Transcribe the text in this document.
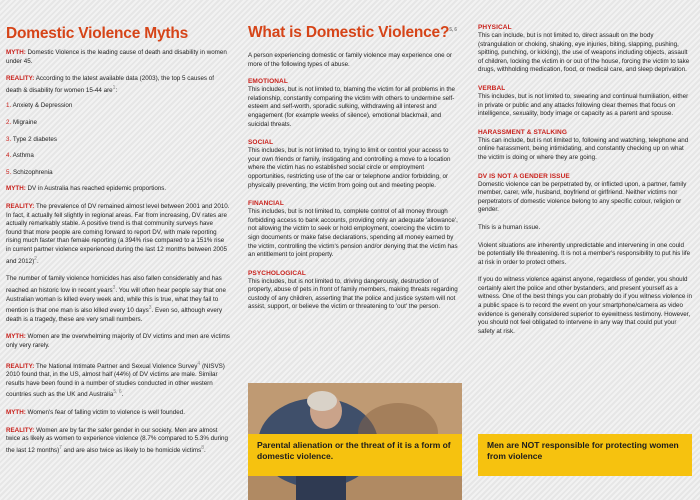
Domestic Violence Myths

MYTH: Domestic Violence is the leading cause of death and disability in women under 45.

REALITY: According to the latest available data (2003), the top 5 causes of death & disability for women 15-44 are$^1$:

1. Anxiety & Depression
2. Migraine
3. Type 2 diabetes
4. Asthma
5. Schizophrenia

MYTH: DV in Australia has reached epidemic proportions.

REALITY: The prevalence of DV remained almost level between 2001 and 2010. In fact, it actually fell slightly in regional areas. Far from increasing, DV rates are actually remarkably stable. A positive trend is that community surveys have found that more people are coming forward to report DV, with male reporting rising much faster than female reporting (a 394% rise compared to a 151% rise in current partner violence experienced during the last 12 months between 2005 and 2012)$^2$.

The number of family violence homicides has also fallen considerably and has reached an historic low in recent years$^3$. You will often hear people say that one Australian woman is killed every week and, while this is true, what they fail to mention is that one man is also killed every 10 days$^3$. Even so, although every death is a tragedy, these are very small numbers.

MYTH: Women are the overwhelming majority of DV victims and men are victims only very rarely.

REALITY: The National Intimate Partner and Sexual Violence Survey$^4$ (NISVS) 2010 found that, in the US, almost half (44%) of DV victims are male. Similar results have been found in a number of studies conducted in other western countries such as the UK and Australia$^{5, 6}$.

MYTH: Women's fear of falling victim to violence is well founded.

REALITY: Women are by far the safer gender in our society. Men are almost twice as likely as women to experience violence (8.7% compared to 5.3% during the last 12 months)$^7$ and are also twice as likely to be homicide victims$^8$.

What is Domestic Violence?$^{5, 6}$

A person experiencing domestic or family violence may experience one or more of the following types of abuse.

EMOTIONAL

This includes, but is not limited to, blaming the victim for all problems in the relationship, constantly comparing the victim with others to undermine self-esteem and self-worth, sporadic sulking, withdrawing all interest and engagement (for example weeks of silence), emotional blackmail, and suicidal threats.

SOCIAL

This includes, but is not limited to, trying to limit or control your access to your own friends or family, instigating and controlling a move to a location where the victim has no established social circle or employment opportunities, restricting use of the car or telephone and/or forbidding, or physically preventing, the victim from going out and meeting people.

FINANCIAL

This includes, but is not limited to, complete control of all money through forbidding access to bank accounts, providing only an adequate 'allowance', not allowing the victim to seek or hold employment, coercing the victim to sign documents or make false declarations, spending all money earned by the victim, controlling the victim's pension and/or denying that the victim has an entitlement to joint property.

PSYCHOLOGICAL

This includes, but is not limited to, driving dangerously, destruction of property, abuse of pets in front of family members, making threats regarding custody of any children, asserting that the police and justice system will not assist, support, or believe the victim or threatening to 'out' the person.

Parental alienation or the threat of it is a form of domestic violence.

PHYSICAL

This can include, but is not limited to, direct assault on the body (strangulation or choking, shaking, eye injuries, biting, slapping, pushing, spitting, punching, or kicking), the use of weapons including objects, assault of children, locking the victim in or out of the house, forcing the victim to take drugs, withholding medication, food, or medical care, and sleep deprivation.

VERBAL

This includes, but is not limited to, swearing and continual humiliation, either in private or public and any attacks following clear themes that focus on intelligence, sexuality, body image or capacity as a parent and spouse.

HARASSMENT & STALKING

This can include, but is not limited to, following and watching, telephone and online harassment, being intimidating, and constantly checking up on what the victim is doing or where they are going.

DV IS NOT A GENDER ISSUE

Domestic violence can be perpetrated by, or inflicted upon, a partner, family member, carer, wife, husband, boyfriend or girlfriend. Neither victims nor perpetrators of domestic violence belong to any specific colour, religion or gender.

This is a human issue.

Violent situations are inherently unpredictable and intervening in one could be potentially life threatening. It is not a member's responsibility to put his life at risk in order to protect others.

If you do witness violence against anyone, regardless of gender, you should certainly alert the police and other bystanders, and present yourself as a witness. One of the best things you can probably do if you witness violence in a public space is to record the event on your smartphone/camera as video evidence is generally considered superior to eyewitness testimony. However, you should not feel obligated to intervene in any way that could put your safety at risk.

Men are NOT responsible for protecting women from violence
